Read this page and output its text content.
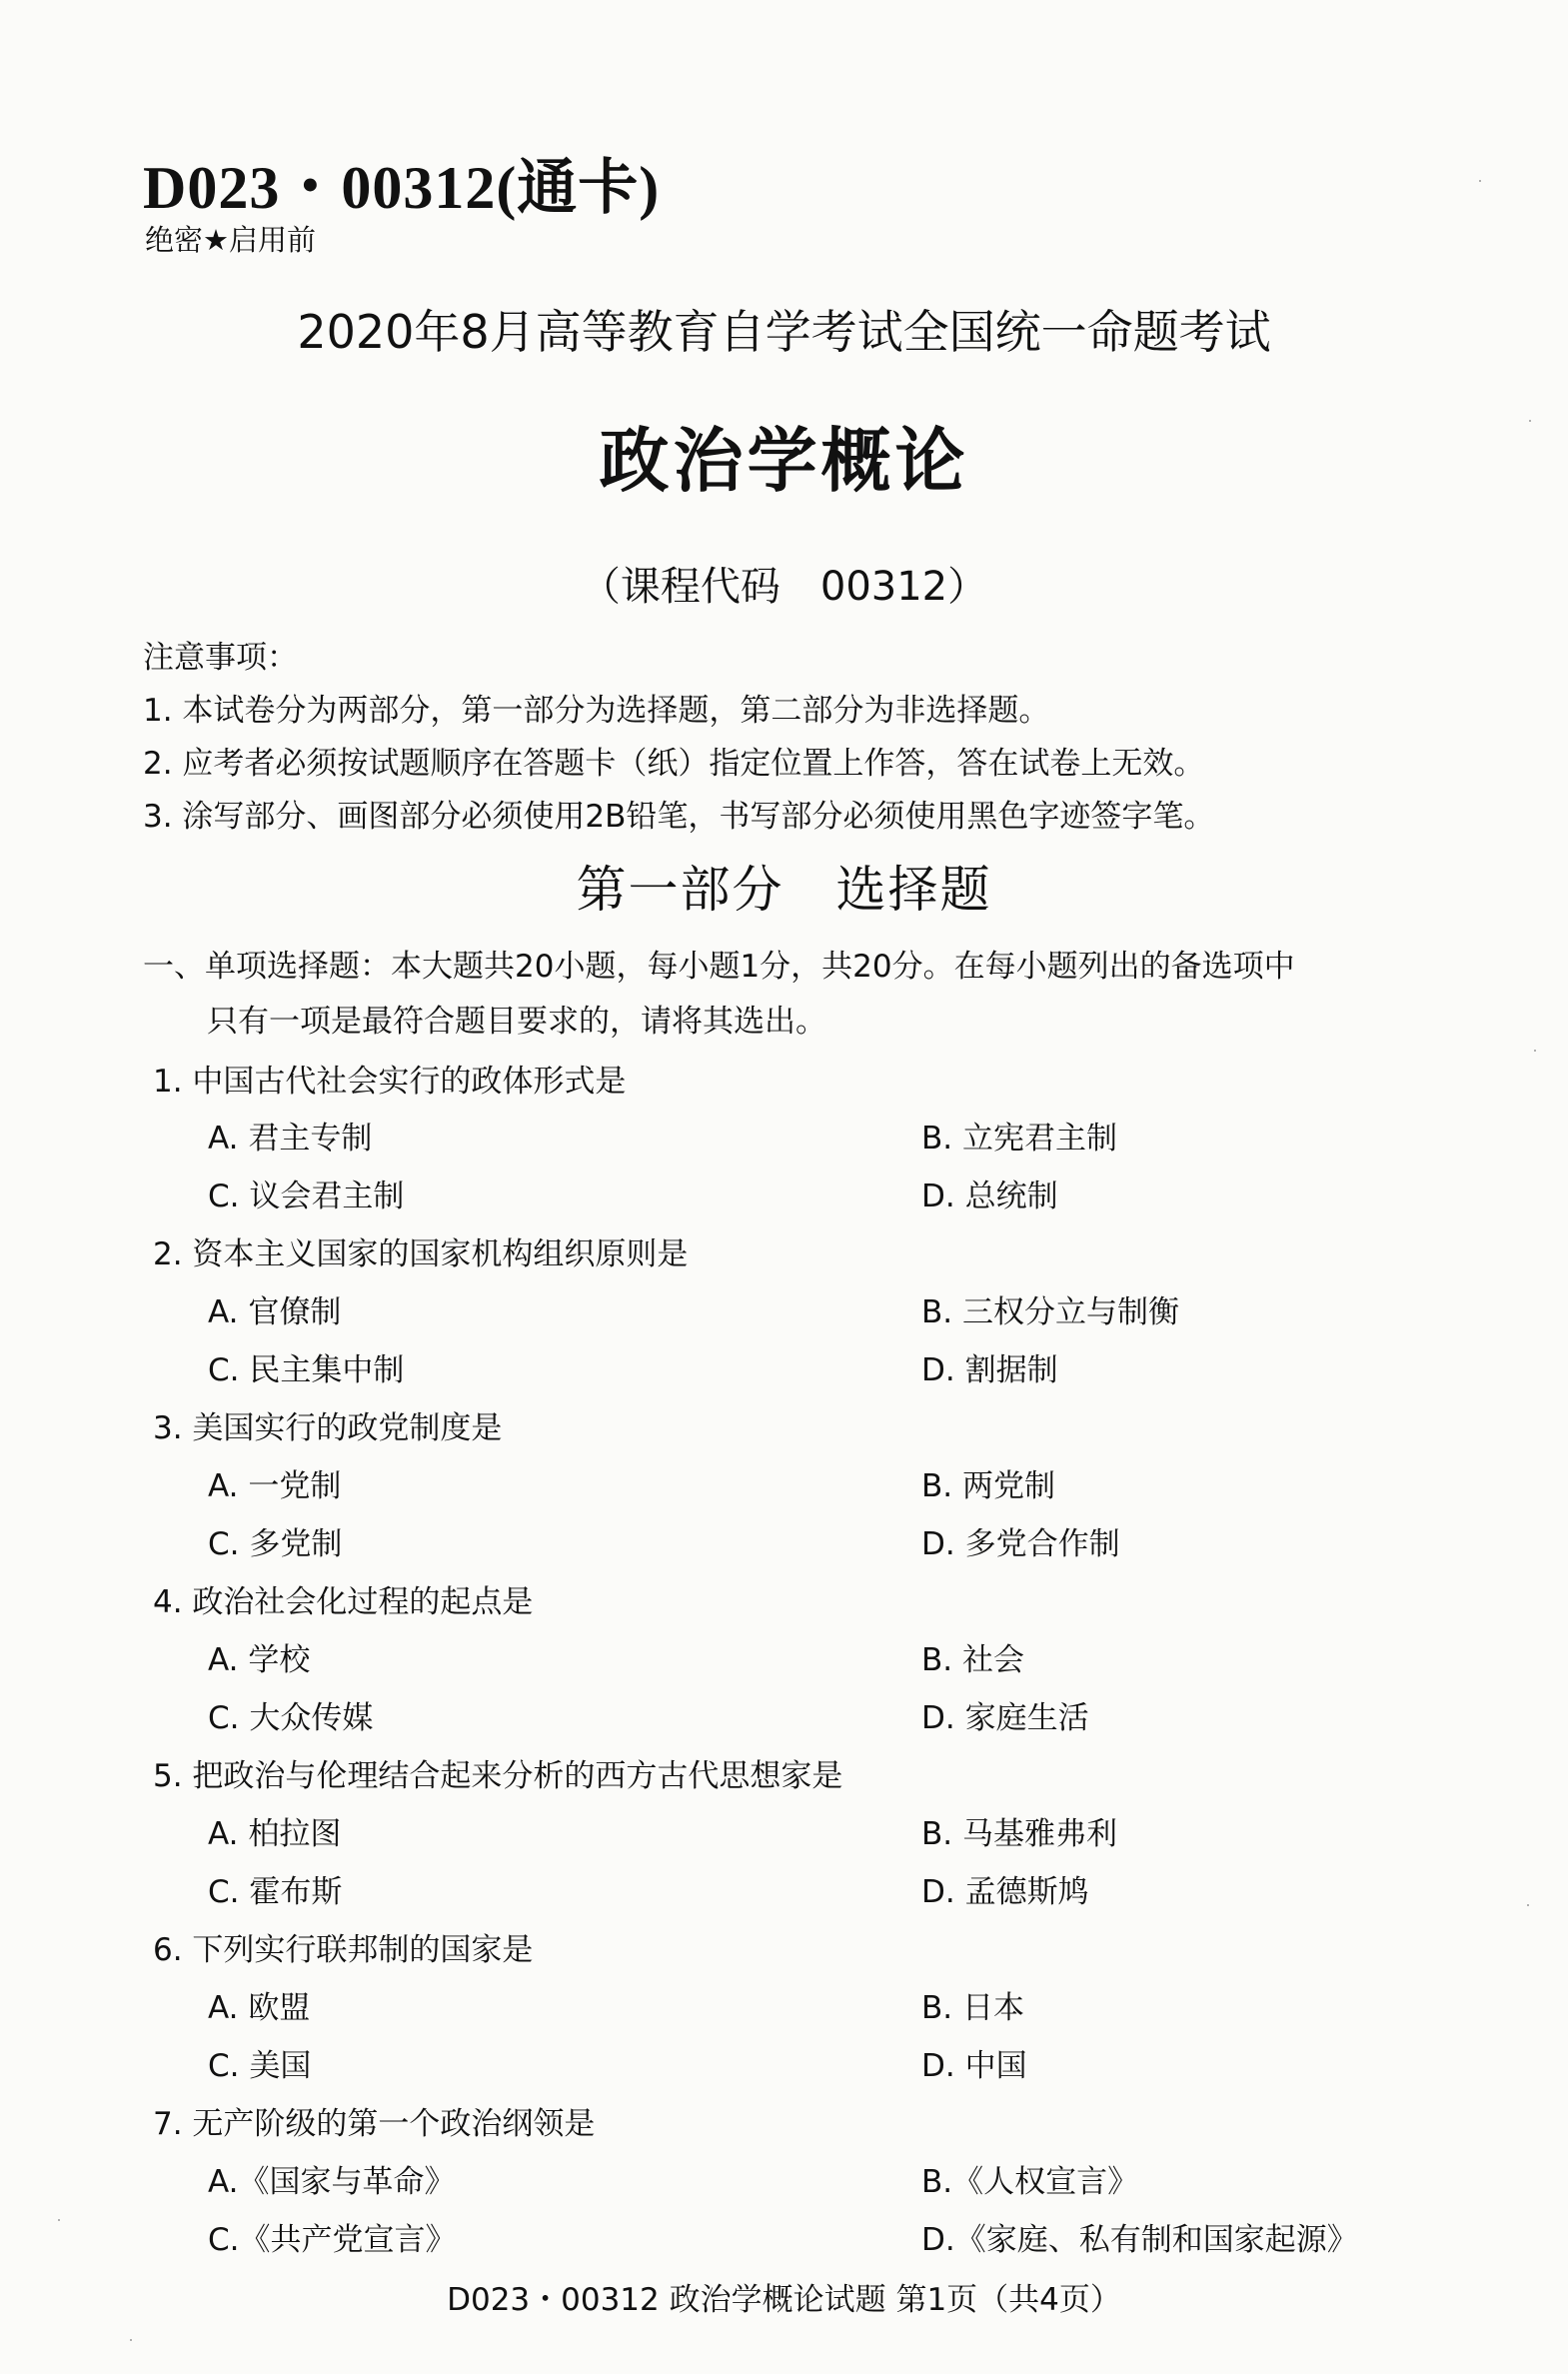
D023・00312(通卡)
绝密★启用前
2020年8月高等教育自学考试全国统一命题考试
政治学概论
（课程代码　00312）
注意事项：
1. 本试卷分为两部分，第一部分为选择题，第二部分为非选择题。
2. 应考者必须按试题顺序在答题卡（纸）指定位置上作答，答在试卷上无效。
3. 涂写部分、画图部分必须使用2B铅笔，书写部分必须使用黑色字迹签字笔。
第一部分　选择题
一、单项选择题：本大题共20小题，每小题1分，共20分。在每小题列出的备选项中
只有一项是最符合题目要求的，请将其选出。
1. 中国古代社会实行的政体形式是
A. 君主专制	B. 立宪君主制
C. 议会君主制	D. 总统制
2. 资本主义国家的国家机构组织原则是
A. 官僚制	B. 三权分立与制衡
C. 民主集中制	D. 割据制
3. 美国实行的政党制度是
A. 一党制	B. 两党制
C. 多党制	D. 多党合作制
4. 政治社会化过程的起点是
A. 学校	B. 社会
C. 大众传媒	D. 家庭生活
5. 把政治与伦理结合起来分析的西方古代思想家是
A. 柏拉图	B. 马基雅弗利
C. 霍布斯	D. 孟德斯鸠
6. 下列实行联邦制的国家是
A. 欧盟	B. 日本
C. 美国	D. 中国
7. 无产阶级的第一个政治纲领是
A.《国家与革命》	B.《人权宣言》
C.《共产党宣言》	D.《家庭、私有制和国家起源》
D023・00312 政治学概论试题 第1页（共4页）
